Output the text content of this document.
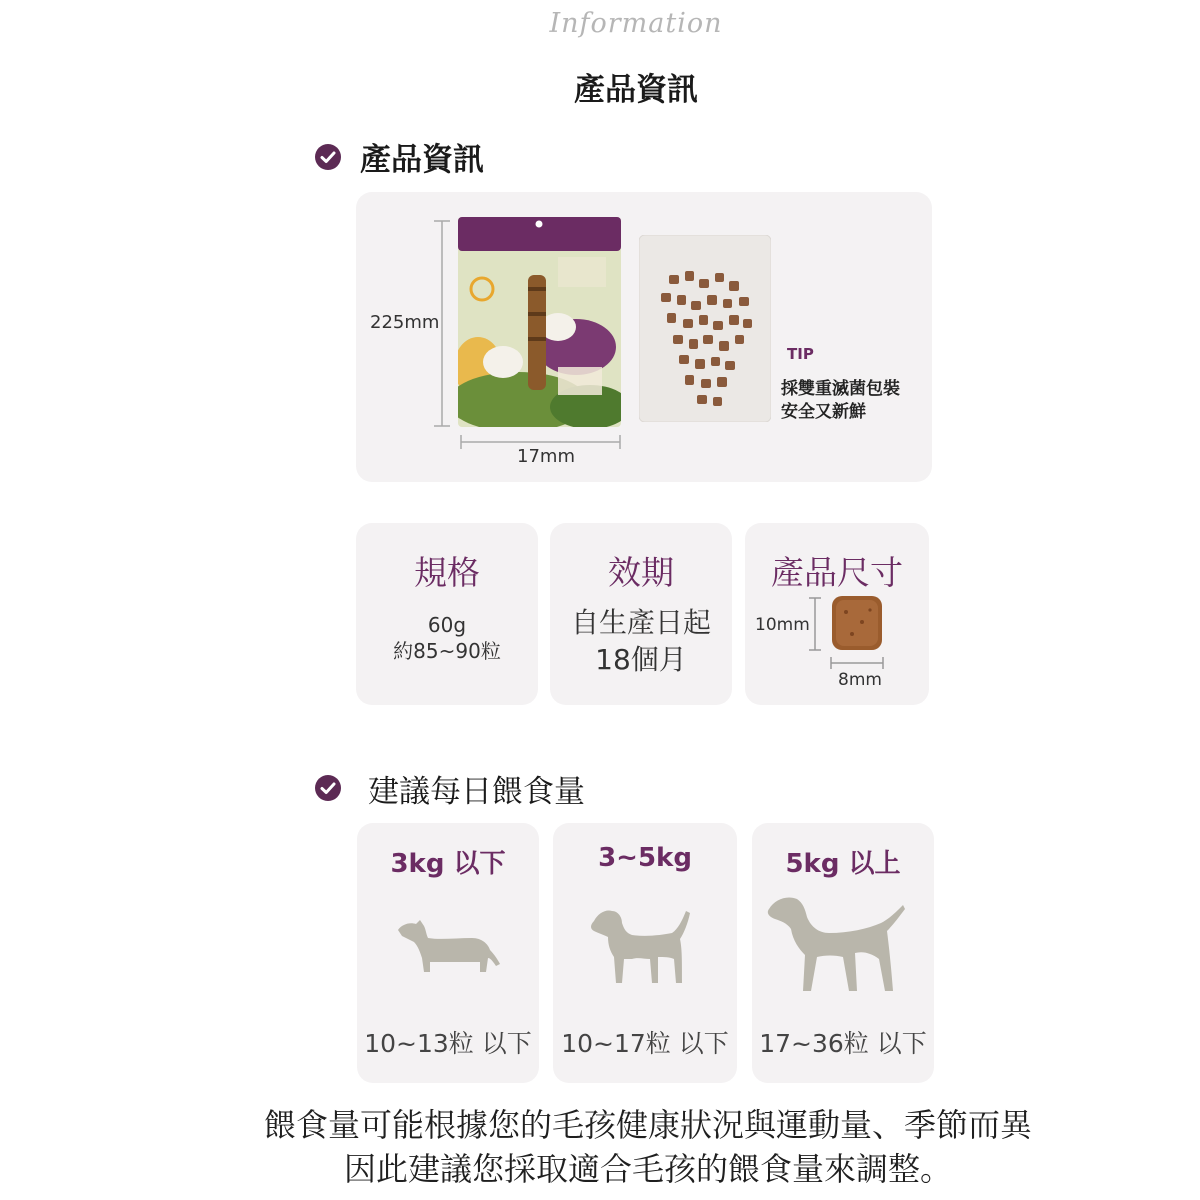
Information
產品資訊
產品資訊
225mm
17mm
TIP
採雙重滅菌包裝
安全又新鮮
規格
60g
約85~90粒
效期
自生產日起
18個月
產品尺寸
10mm
8mm
建議每日餵食量
3kg 以下
10~13粒 以下
3~5kg
10~17粒 以下
5kg 以上
17~36粒 以下
餵食量可能根據您的毛孩健康狀況與運動量、季節而異
因此建議您採取適合毛孩的餵食量來調整。
